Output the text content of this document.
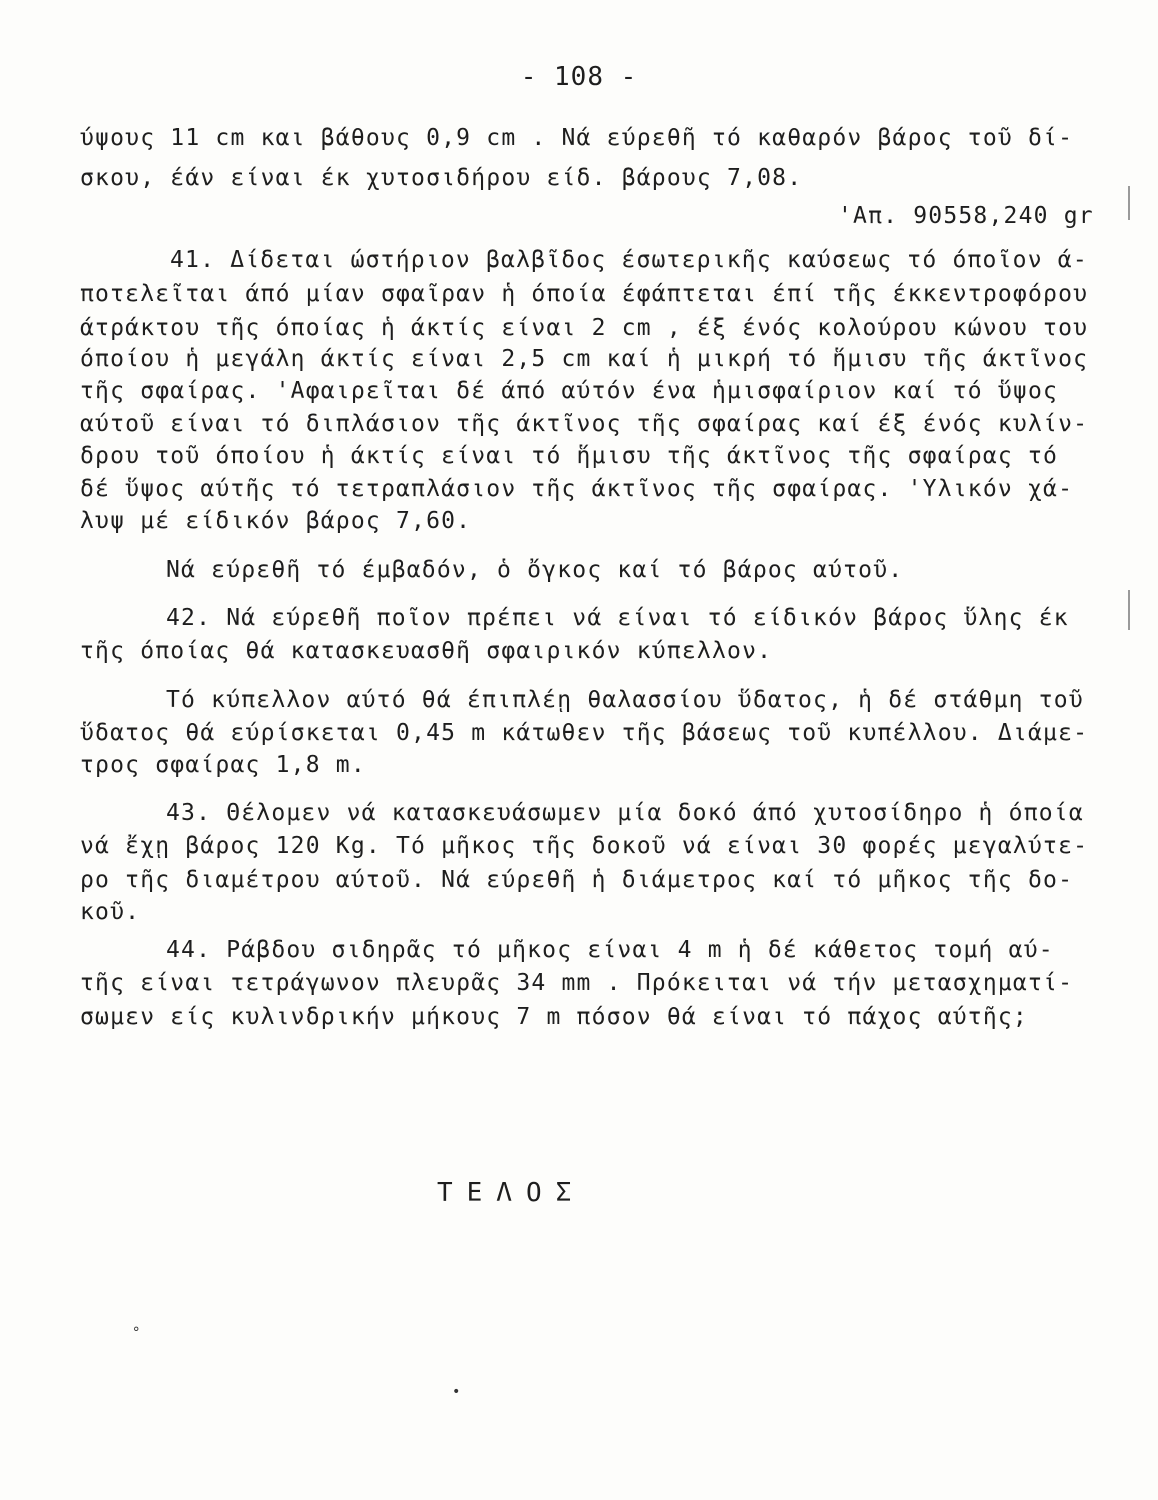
- 108 -
ύψους 11 cm και βάθους 0,9 cm . Νά εύρεθῆ τό καθαρόν βάρος τοῦ δί-
σκου, έάν είναι έκ χυτοσιδήρου είδ. βάρους 7,08.
'Απ. 90558,240 gr
41. Δίδεται ώστήριον βαλβῖδος έσωτερικῆς καύσεως τό όποῖον ά-
ποτελεῖται άπό μίαν σφαῖραν ἡ όποία έφάπτεται έπί τῆς έκκεντροφόρου
άτράκτου τῆς όποίας ἡ άκτίς είναι 2 cm , έξ ένός κολούρου κώνου του
όποίου ἡ μεγάλη άκτίς είναι 2,5 cm καί ἡ μικρή τό ἥμισυ τῆς άκτῖνος
τῆς σφαίρας. 'Αφαιρεῖται δέ άπό αύτόν ένα ἡμισφαίριον καί τό ὕψος
αύτοῦ είναι τό διπλάσιον τῆς άκτῖνος τῆς σφαίρας καί έξ ένός κυλίν-
δρου τοῦ όποίου ἡ άκτίς είναι τό ἥμισυ τῆς άκτῖνος τῆς σφαίρας τό
δέ ὕψος αύτῆς τό τετραπλάσιον τῆς άκτῖνος τῆς σφαίρας. 'Υλικόν χά-
λυψ μέ είδικόν βάρος 7,60.
Νά εύρεθῆ τό έμβαδόν, ὁ ὄγκος καί τό βάρος αύτοῦ.
42. Νά εύρεθῆ ποῖον πρέπει νά είναι τό είδικόν βάρος ὕλης έκ
τῆς όποίας θά κατασκευασθῆ σφαιρικόν κύπελλον.
Τό κύπελλον αύτό θά έπιπλέῃ θαλασσίου ὕδατος, ἡ δέ στάθμη τοῦ
ὕδατος θά εύρίσκεται 0,45 m κάτωθεν τῆς βάσεως τοῦ κυπέλλου. Διάμε-
τρος σφαίρας 1,8 m.
43. Θέλομεν νά κατασκευάσωμεν μία δοκό άπό χυτοσίδηρο ἡ όποία
νά ἔχῃ βάρος 120 Kg. Τό μῆκος τῆς δοκοῦ νά είναι 30 φορές μεγαλύτε-
ρο τῆς διαμέτρου αύτοῦ. Νά εύρεθῆ ἡ διάμετρος καί τό μῆκος τῆς δο-
κοῦ.
44. Ράβδου σιδηρᾶς τό μῆκος είναι 4 m ἡ δέ κάθετος τομή αύ-
τῆς είναι τετράγωνον πλευρᾶς 34 mm . Πρόκειται νά τήν μετασχηματί-
σωμεν είς κυλινδρικήν μήκους 7 m πόσον θά είναι τό πάχος αύτῆς;
ΤΕΛΟΣ
°
•
